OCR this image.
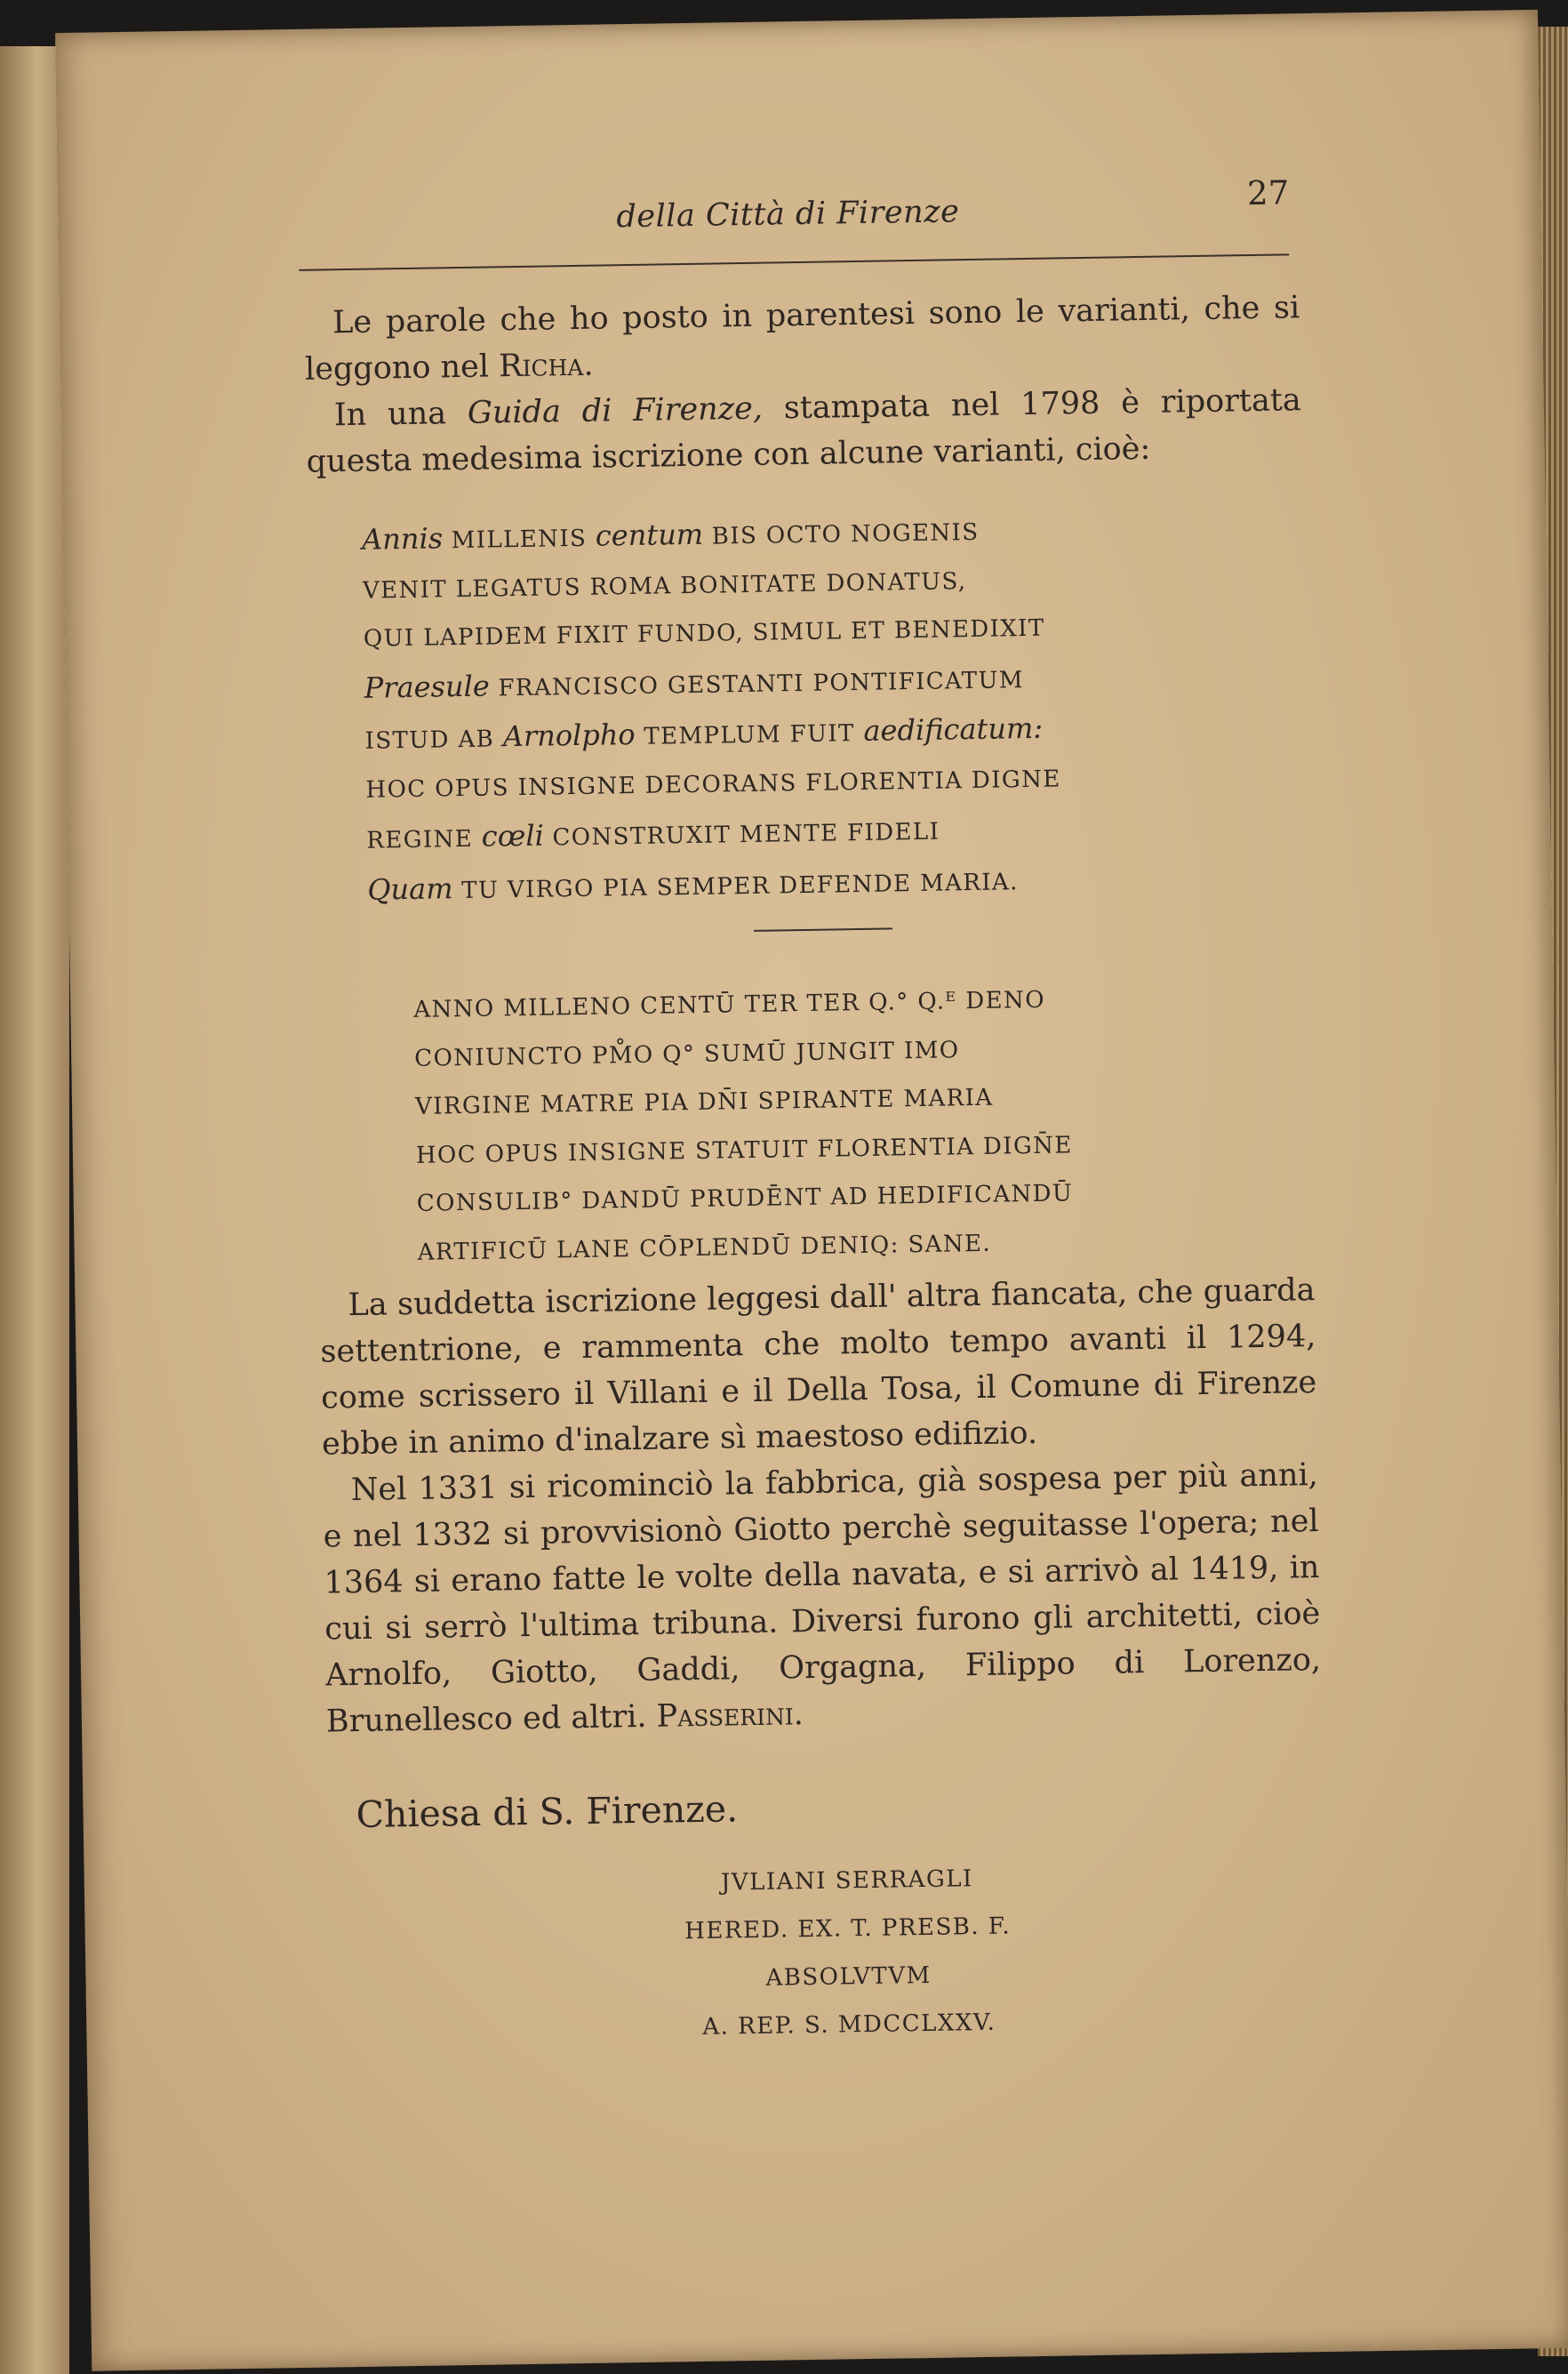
della Città di Firenze
27

Le parole che ho posto in parentesi sono le varianti, che si leggono nel Richa.

In una Guida di Firenze, stampata nel 1798 è riportata questa medesima iscrizione con alcune varianti, cioè:

Annis MILLENIS centum BIS OCTO NOGENIS
VENIT LEGATUS ROMA BONITATE DONATUS,
QUI LAPIDEM FIXIT FUNDO, SIMUL ET BENEDIXIT
Praesule FRANCISCO GESTANTI PONTIFICATUM
ISTUD AB Arnolpho TEMPLUM FUIT aedificatum:
HOC OPUS INSIGNE DECORANS FLORENTIA DIGNE
REGINE cœli CONSTRUXIT MENTE FIDELI
Quam TU VIRGO PIA SEMPER DEFENDE MARIA.
ANNO MILLENO CENTŪ TER TER Q.° Q.ᴱ DENO
CONIUNCTO PM̊O Q° SUMŪ JUNGIT IMO
VIRGINE MATRE PIA DN̄I SPIRANTE MARIA
HOC OPUS INSIGNE STATUIT FLORENTIA DIGN̄E
CONSULIB° DANDŪ PRUDĒNT AD HEDIFICANDŪ
ARTIFICŪ LANE CŌPLENDŪ DENIQ: SANE.

La suddetta iscrizione leggesi dall' altra fiancata, che guarda settentrione, e rammenta che molto tempo avanti il 1294, come scrissero il Villani e il Della Tosa, il Comune di Firenze ebbe in animo d'inalzare sì maestoso edifizio.

Nel 1331 si ricominciò la fabbrica, già sospesa per più anni, e nel 1332 si provvisionò Giotto perchè seguitasse l'opera; nel 1364 si erano fatte le volte della navata, e si arrivò al 1419, in cui si serrò l'ultima tribuna. Diversi furono gli architetti, cioè Arnolfo, Giotto, Gaddi, Orgagna, Filippo di Lorenzo, Brunellesco ed altri. Passerini.

Chiesa di S. Firenze.
JVLIANI SERRAGLI
HERED. EX. T. PRESB. F.
ABSOLVTVM
A. REP. S. MDCCLXXV.
